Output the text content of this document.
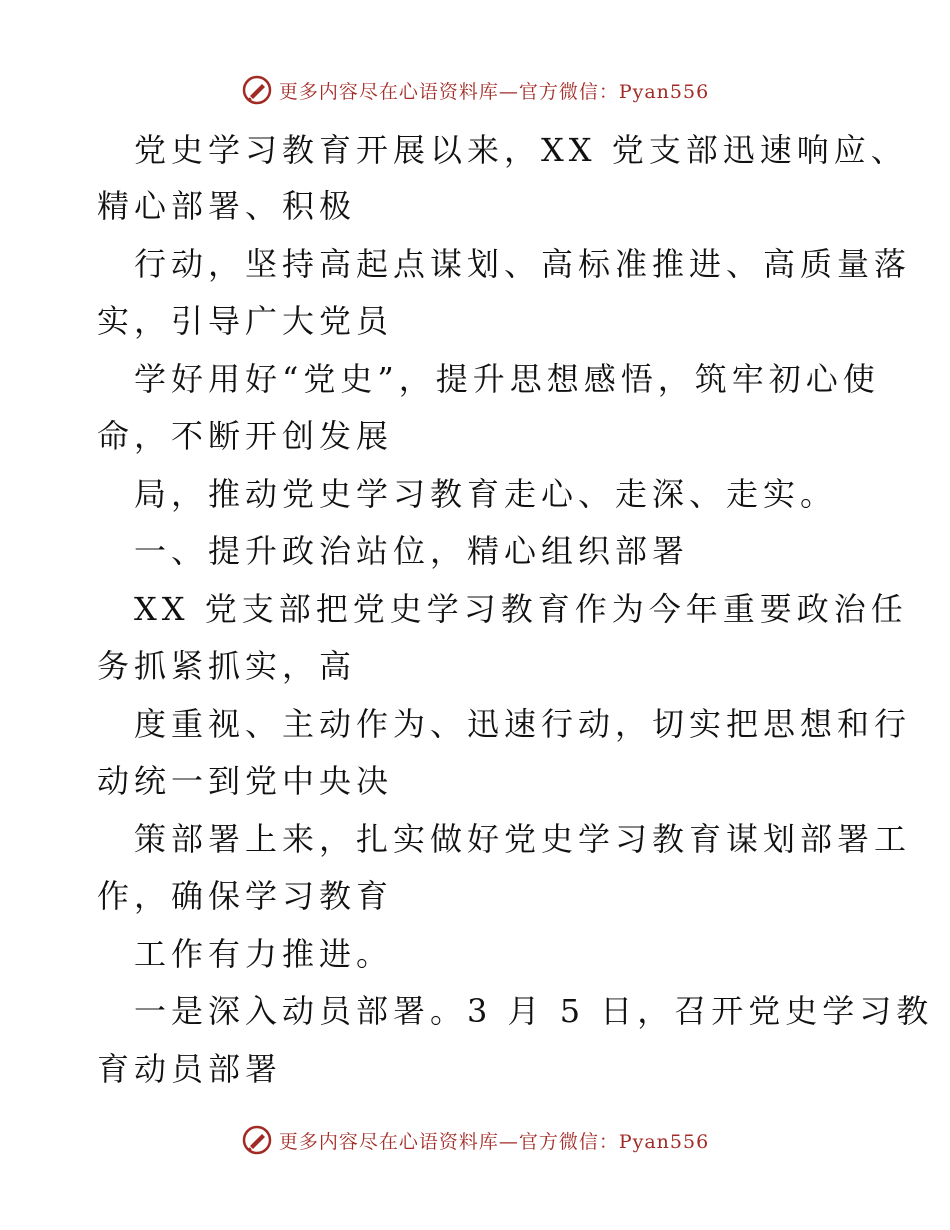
更多内容尽在心语资料库—官方微信：Pyan556
党史学习教育开展以来，XX 党支部迅速响应、
精心部署、积极
行动，坚持高起点谋划、高标准推进、高质量落
实，引导广大党员
学好用好“党史”，提升思想感悟，筑牢初心使
命，不断开创发展
局，推动党史学习教育走心、走深、走实。
一、提升政治站位，精心组织部署
XX 党支部把党史学习教育作为今年重要政治任
务抓紧抓实，高
度重视、主动作为、迅速行动，切实把思想和行
动统一到党中央决
策部署上来，扎实做好党史学习教育谋划部署工
作，确保学习教育
工作有力推进。
一是深入动员部署。3 月 5 日，召开党史学习教
育动员部署
更多内容尽在心语资料库—官方微信：Pyan556
